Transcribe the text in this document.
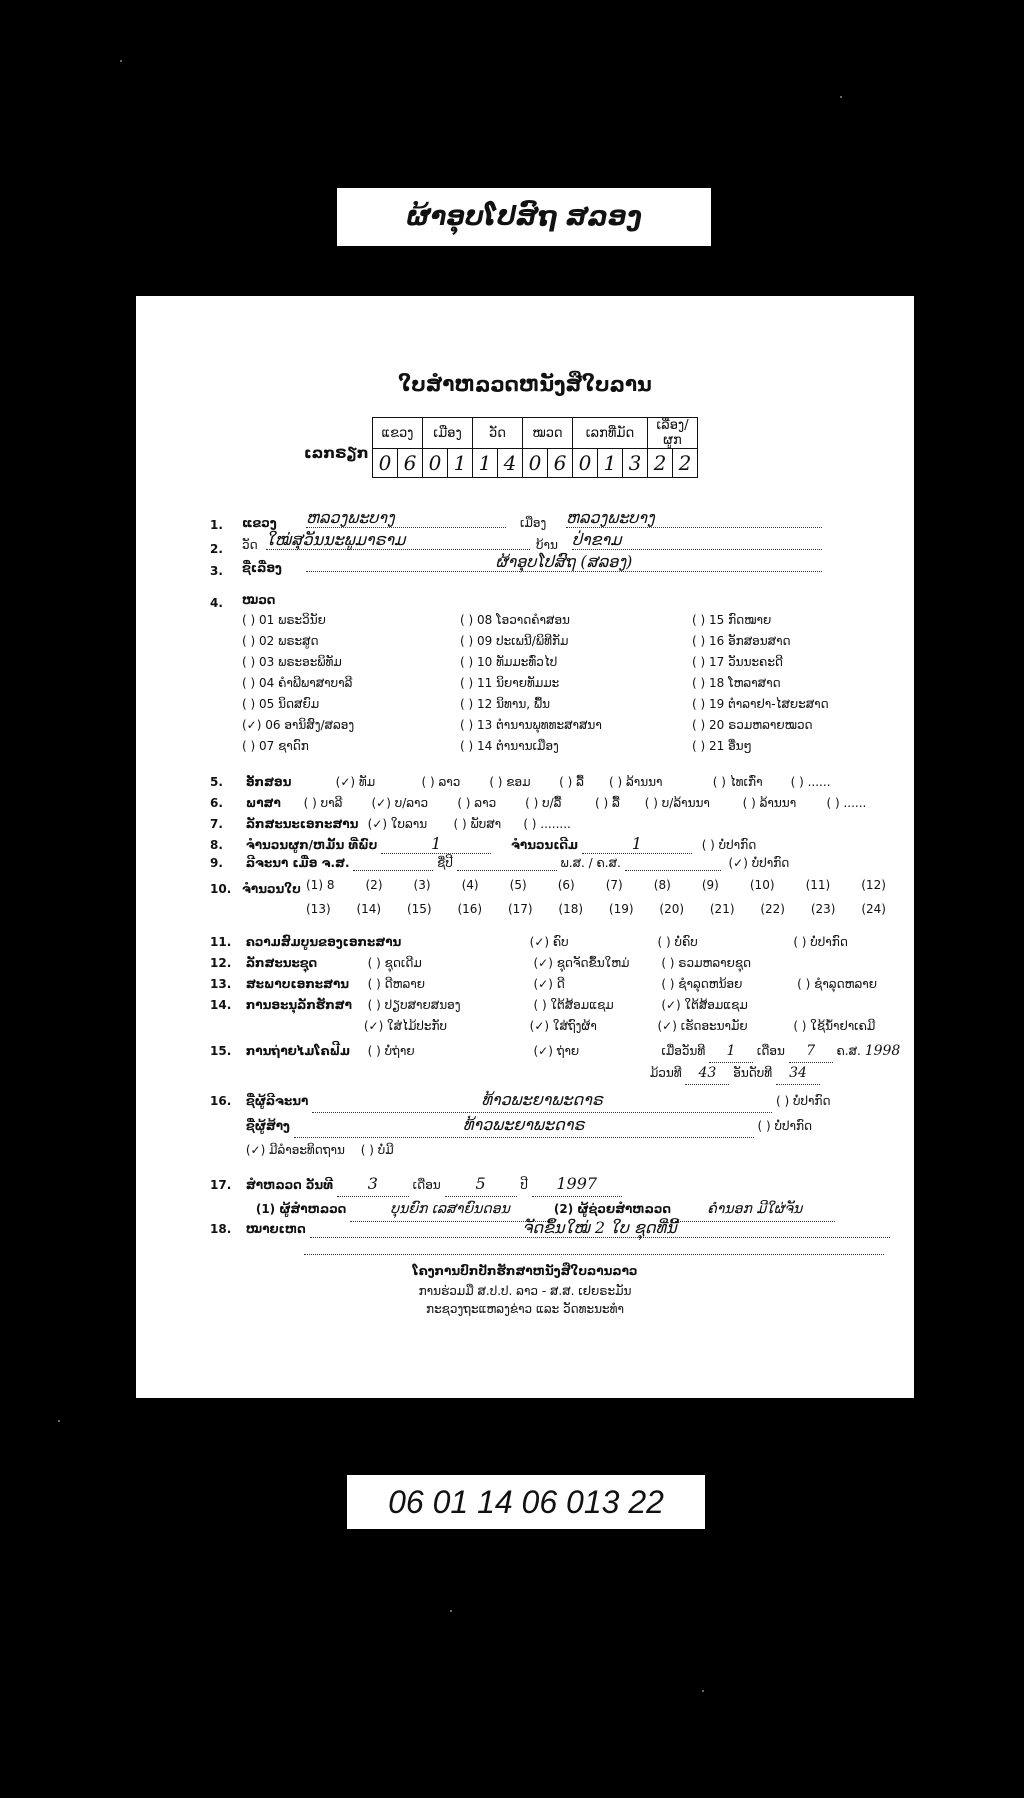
ຜ້າອຸບໂປສົຖ ສລອງ
ໃບສໍາຫລວດຫນັງສືໃບລານ
ເລກຣຽກ
ແຂວງ		ເມືອງ		ວັດ		ໝວດ		ເລກທີ່ມັດ			ເລື່ອງ/ຜູກ	
0	6	0	1	1	4	0	6	0	1	3	2	2
1. ແຂວງ ຫລວງພະບາງ	ເມືອງ ຫລວງພະບາງ
2. ວັດ ໃໝ່ສຸວັນນະພູມາຣາມ	ບ້ານ ປ່າຂາມ
3. ຊື່ເລື່ອງ	ຜ້າອຸບໂປສົຖ (ສລອງ)
4. ໝວດ
( ) 01 ພຣະວິນັຍ
( ) 02 ພຣະສູດ
( ) 03 ພຣະອະພິທັມ
( ) 04 ຄຳພີພາສາບາລີ
( ) 05 ນິດສຍົມ
(✓) 06 ອານິສົງ/ສລອງ
( ) 07 ຊາດົກ
( ) 08 ໂອວາດຄຳສອນ
( ) 09 ປະເພນີ/ພິທີກັມ
( ) 10 ທັມມະທົ່ວໄປ
( ) 11 ນິຍາຍທັມມະ
( ) 12 ນິທານ, ພື້ນ
( ) 13 ຕຳນານພຸທທະສາສນາ
( ) 14 ຕຳນານເມືອງ
( ) 15 ກົດໝາຍ
( ) 16 ອັກສອນສາດ
( ) 17 ວັນນະຄະດີ
( ) 18 ໂຫລາສາດ
( ) 19 ຕຳລາຢາ-ໄສຍະສາດ
( ) 20 ຣວມຫລາຍໝວດ
( ) 21 ອື່ນໆ
5. ອັກສອນ	(✓) ທັມ	( ) ລາວ ( ) ຂອມ ( ) ລື້ ( ) ລ້ານນາ	( ) ໄທເກົ່າ ( ) ......
6. ພາສາ ( ) ບາລີ (✓) ບ/ລາວ ( ) ລາວ ( ) ບ/ລື້	( ) ລື້ ( ) ບ/ລ້ານນາ	( ) ລ້ານນາ	( ) ......
7. ລັກສະນະເອກະສານ (✓) ໃບລານ ( ) ພັບສາ ( ) ........
8. ຈຳນວນຜູກ/ຫມັ້ນ ທີ່ພົບ	1	ຈຳນວນເດີມ	1	( ) ບໍ່ປາກົດ
9. ລີຈະນາ ເມື່ອ ຈ.ສ.	ຊື່ປີ	ພ.ສ. / ຄ.ສ.	(✓) ບໍ່ປາກົດ
10. ຈຳນວນໃບ (1) 8	(2)	(3)	(4)	(5)	(6)	(7)	(8)	(9)	(10)	(11)	(12)
(13) (14) (15) (16) (17) (18) (19) (20) (21) (22) (23) (24)
11. ຄວາມສົມບູນຂອງເອກະສານ	(✓) ຄົບ	( ) ບໍ່ຄົບ	( ) ບໍ່ປາກົດ
12. ລັກສະນະຊຸດ	( ) ຊຸດເດີມ	(✓) ຊຸດຈັດຂຶ້ນໃຫມ່	( ) ຣວມຫລາຍຊຸດ
13. ສະພາບເອກະສານ ( ) ດີຫລາຍ	(✓) ດີ	( ) ຊຳລຸດຫນ້ອຍ	( ) ຊຳລຸດຫລາຍ
14. ການອະນຸລັກຮັກສາ ( ) ປຽບສາຍສນອງ	( ) ໃຕ້ສ້ອມແຊມ	(✓) ໃຕ້ສ້ອມແຊມ
(✓) ໃສ່ໄມ້ປະກັບ	(✓) ໃສ່ຖົງຜ້າ	(✓) ເຮັດອະນາມັຍ	( ) ໃຊ້ນ້ຳຢາເຄມີ
15. ການຖ່າຍໄມໂຄຟີມ ( ) ບໍ່ຖ່າຍ	(✓) ຖ່າຍ	ເມື່ອວັນທີ 1 ເດືອນ 7 ຄ.ສ. 1998
ມ້ວນທີ 43 ອັນດັບທີ 34
16. ຊື່ຜູ້ລີຈະນາ	ທ້າວພະຍາພະດາຣ	( ) ບໍ່ປາກົດ
ຊື່ຜູ້ສ້າງ	ທ້າວພະຍາພະດາຣ	( ) ບໍ່ປາກົດ
(✓) ມີລຳອະທິດຖານ ( ) ບໍ່ມີ
17. ສຳຫລວດ ວັນທີ 3	ເດືອນ 5	ປີ 1997
(1) ຜູ້ສຳຫລວດ	ບຸນຍົກ ເລສາຍົນດອນ	(2) ຜູ້ຊ່ວຍສຳຫລວດ	ຄຳນອກ ມີໃຜ່ຈັນ
18. ໝາຍເຫດ	ຈັດຂຶ້ນໃໝ່ 2 ໃບ ຊຸດທີ່ນີ້
ໂຄງການປົກປັກຮັກສາຫນັງສືໃບລານລາວ
ການຮ່ວມມື ສ.ປ.ປ. ລາວ - ສ.ສ. ເຢຍຣະມັນ
ກະຊວງຖະແຫລງຂ່າວ ແລະ ວັດທະນະທຳ
06 01 14 06 013 22
